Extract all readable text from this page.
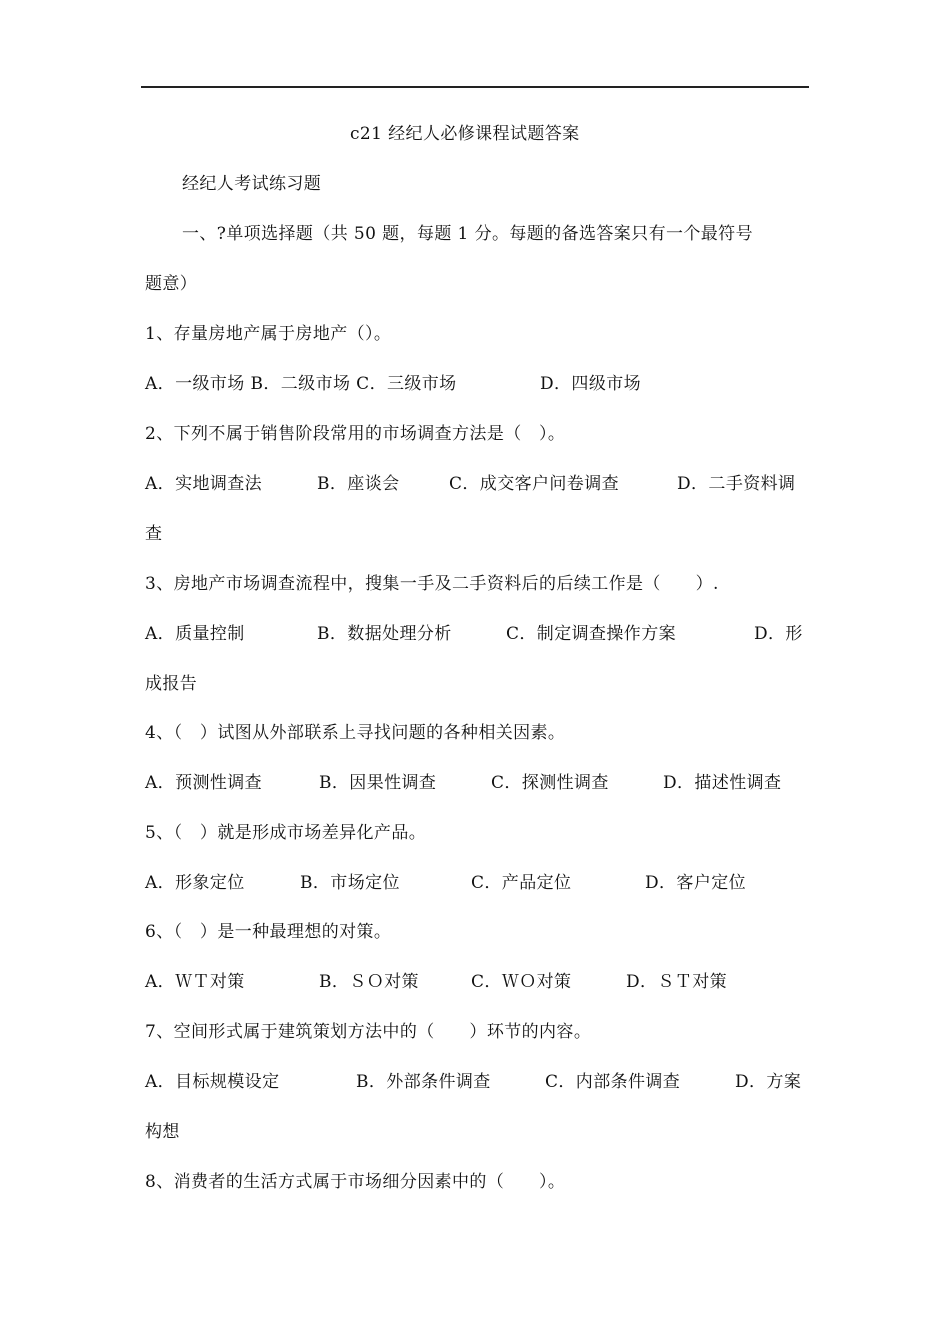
c21 经纪人必修课程试题答案
经纪人考试练习题
一、?单项选择题（共 50 题，每题 1 分。每题的备选答案只有一个最符号
题意）
1、存量房地产属于房地产（）。
A．一级市场 B．二级市场 C．三级市场	D．四级市场
2、下列不属于销售阶段常用的市场调查方法是（　）。
A．实地调查法	B．座谈会	C．成交客户问卷调查	D．二手资料调
查
3、房地产市场调查流程中，搜集一手及二手资料后的后续工作是（　　）.
A．质量控制	B．数据处理分析	C．制定调查操作方案	D．形
成报告
4、（　）试图从外部联系上寻找问题的各种相关因素。
A．预测性调查	B．因果性调查	C．探测性调查	D．描述性调查
5、（　）就是形成市场差异化产品。
A．形象定位	B．市场定位	C．产品定位	D．客户定位
6、（　）是一种最理想的对策。
A．ＷＴ对策	B．ＳＯ对策	C．ＷＯ对策	D．ＳＴ对策
7、空间形式属于建筑策划方法中的（　　）环节的内容。
A．目标规模设定	B．外部条件调查	C．内部条件调查	D．方案
构想
8、消费者的生活方式属于市场细分因素中的（　　）。
